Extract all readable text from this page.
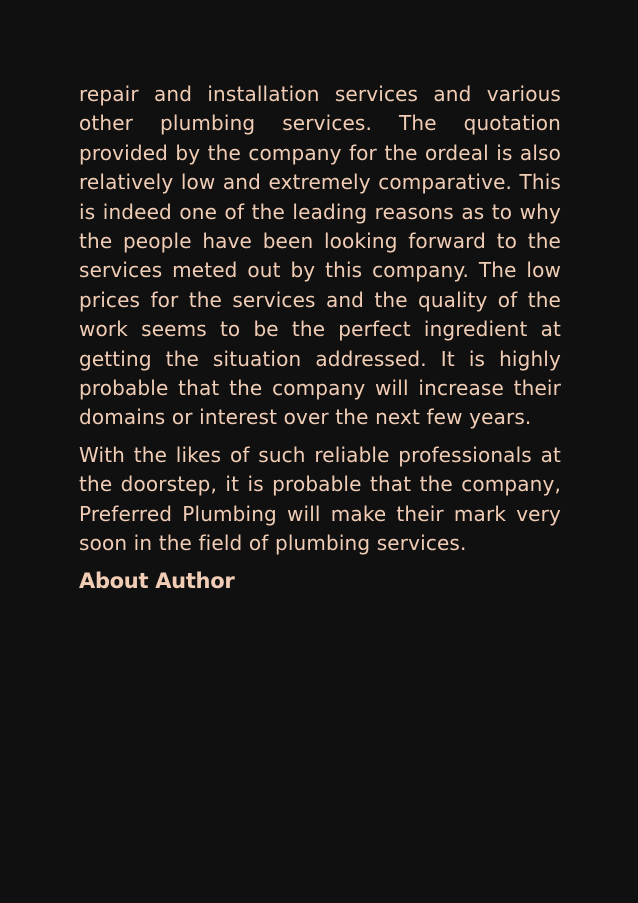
repair and installation services and various other plumbing services. The quotation provided by the company for the ordeal is also relatively low and extremely comparative. This is indeed one of the leading reasons as to why the people have been looking forward to the services meted out by this company. The low prices for the services and the quality of the work seems to be the perfect ingredient at getting the situation addressed. It is highly probable that the company will increase their domains or interest over the next few years.

With the likes of such reliable professionals at the doorstep, it is probable that the company, Preferred Plumbing will make their mark very soon in the field of plumbing services.

About Author
